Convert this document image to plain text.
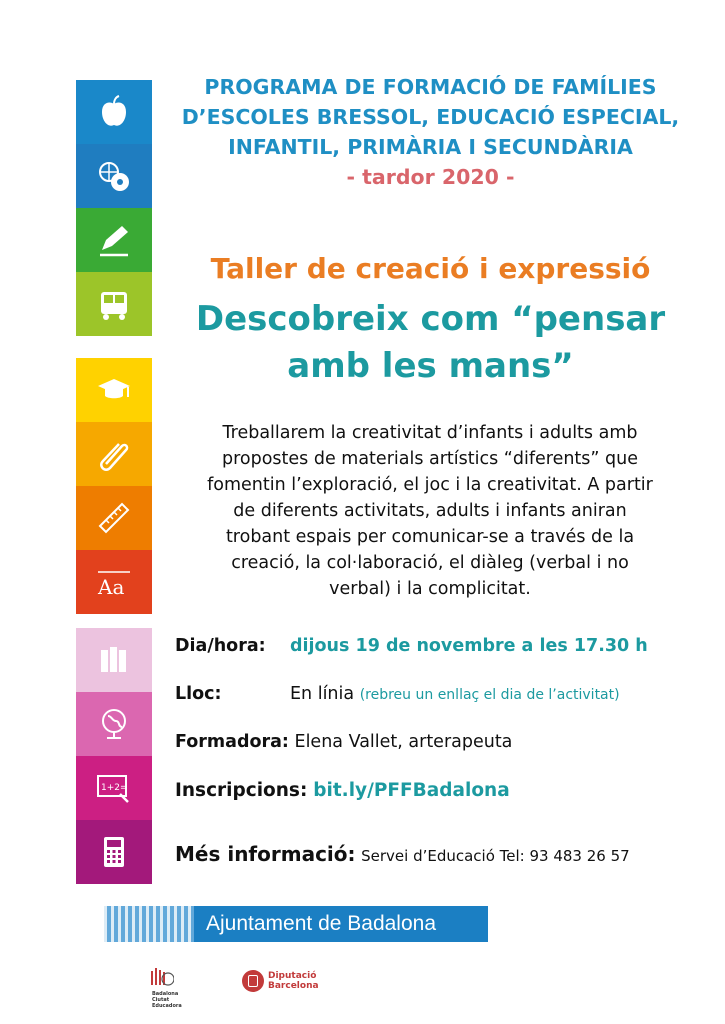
Aa
1+2=
PROGRAMA DE FORMACIÓ DE FAMÍLIES
D’ESCOLES BRESSOL, EDUCACIÓ ESPECIAL,
INFANTIL, PRIMÀRIA I SECUNDÀRIA
- tardor 2020 -
Taller de creació i expressió
Descobreix com “pensar
amb les mans”
Treballarem la creativitat d’infants i adults amb
propostes de materials artístics “diferents” que
fomentin l’exploració, el joc i la creativitat. A partir
de diferents activitats, adults i infants aniran
trobant espais per comunicar-se a través de la
creació, la col·laboració, el diàleg (verbal i no
verbal) i la complicitat.
Dia/hora: dijous 19 de novembre a les 17.30 h
Lloc:	En línia (rebreu un enllaç el dia de l’activitat)
Formadora: Elena Vallet, arterapeuta
Inscripcions: bit.ly/PFFBadalona
Més informació: Servei d’Educació Tel: 93 483 26 57
Ajuntament de Badalona
Badalona
Ciutat Educadora
Diputació
Barcelona
